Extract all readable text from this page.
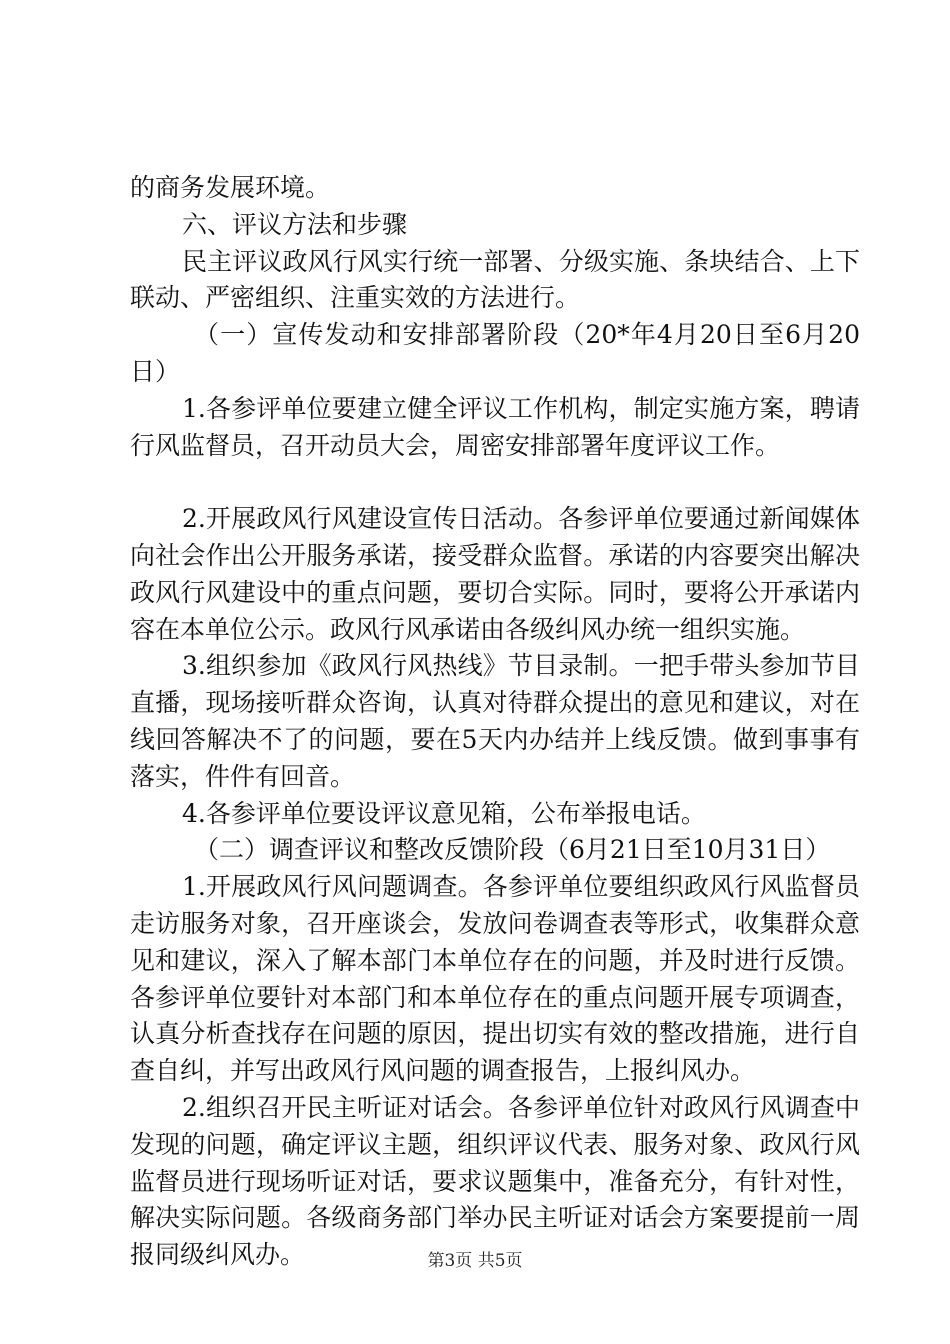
的商务发展环境。

六、评议方法和步骤

民主评议政风行风实行统一部署、分级实施、条块结合、上下联动、严密组织、注重实效的方法进行。

（一）宣传发动和安排部署阶段（20*年4月20日至6月20日）

1.各参评单位要建立健全评议工作机构，制定实施方案，聘请行风监督员，召开动员大会，周密安排部署年度评议工作。

2.开展政风行风建设宣传日活动。各参评单位要通过新闻媒体向社会作出公开服务承诺，接受群众监督。承诺的内容要突出解决政风行风建设中的重点问题，要切合实际。同时，要将公开承诺内容在本单位公示。政风行风承诺由各级纠风办统一组织实施。

3.组织参加《政风行风热线》节目录制。一把手带头参加节目直播，现场接听群众咨询，认真对待群众提出的意见和建议，对在线回答解决不了的问题，要在5天内办结并上线反馈。做到事事有落实，件件有回音。

4.各参评单位要设评议意见箱，公布举报电话。

（二）调查评议和整改反馈阶段（6月21日至10月31日）

1.开展政风行风问题调查。各参评单位要组织政风行风监督员走访服务对象，召开座谈会，发放问卷调查表等形式，收集群众意见和建议，深入了解本部门本单位存在的问题，并及时进行反馈。各参评单位要针对本部门和本单位存在的重点问题开展专项调查，认真分析查找存在问题的原因，提出切实有效的整改措施，进行自查自纠，并写出政风行风问题的调查报告，上报纠风办。

2.组织召开民主听证对话会。各参评单位针对政风行风调查中发现的问题，确定评议主题，组织评议代表、服务对象、政风行风监督员进行现场听证对话，要求议题集中，准备充分，有针对性，解决实际问题。各级商务部门举办民主听证对话会方案要提前一周报同级纠风办。	第3页 共5页
